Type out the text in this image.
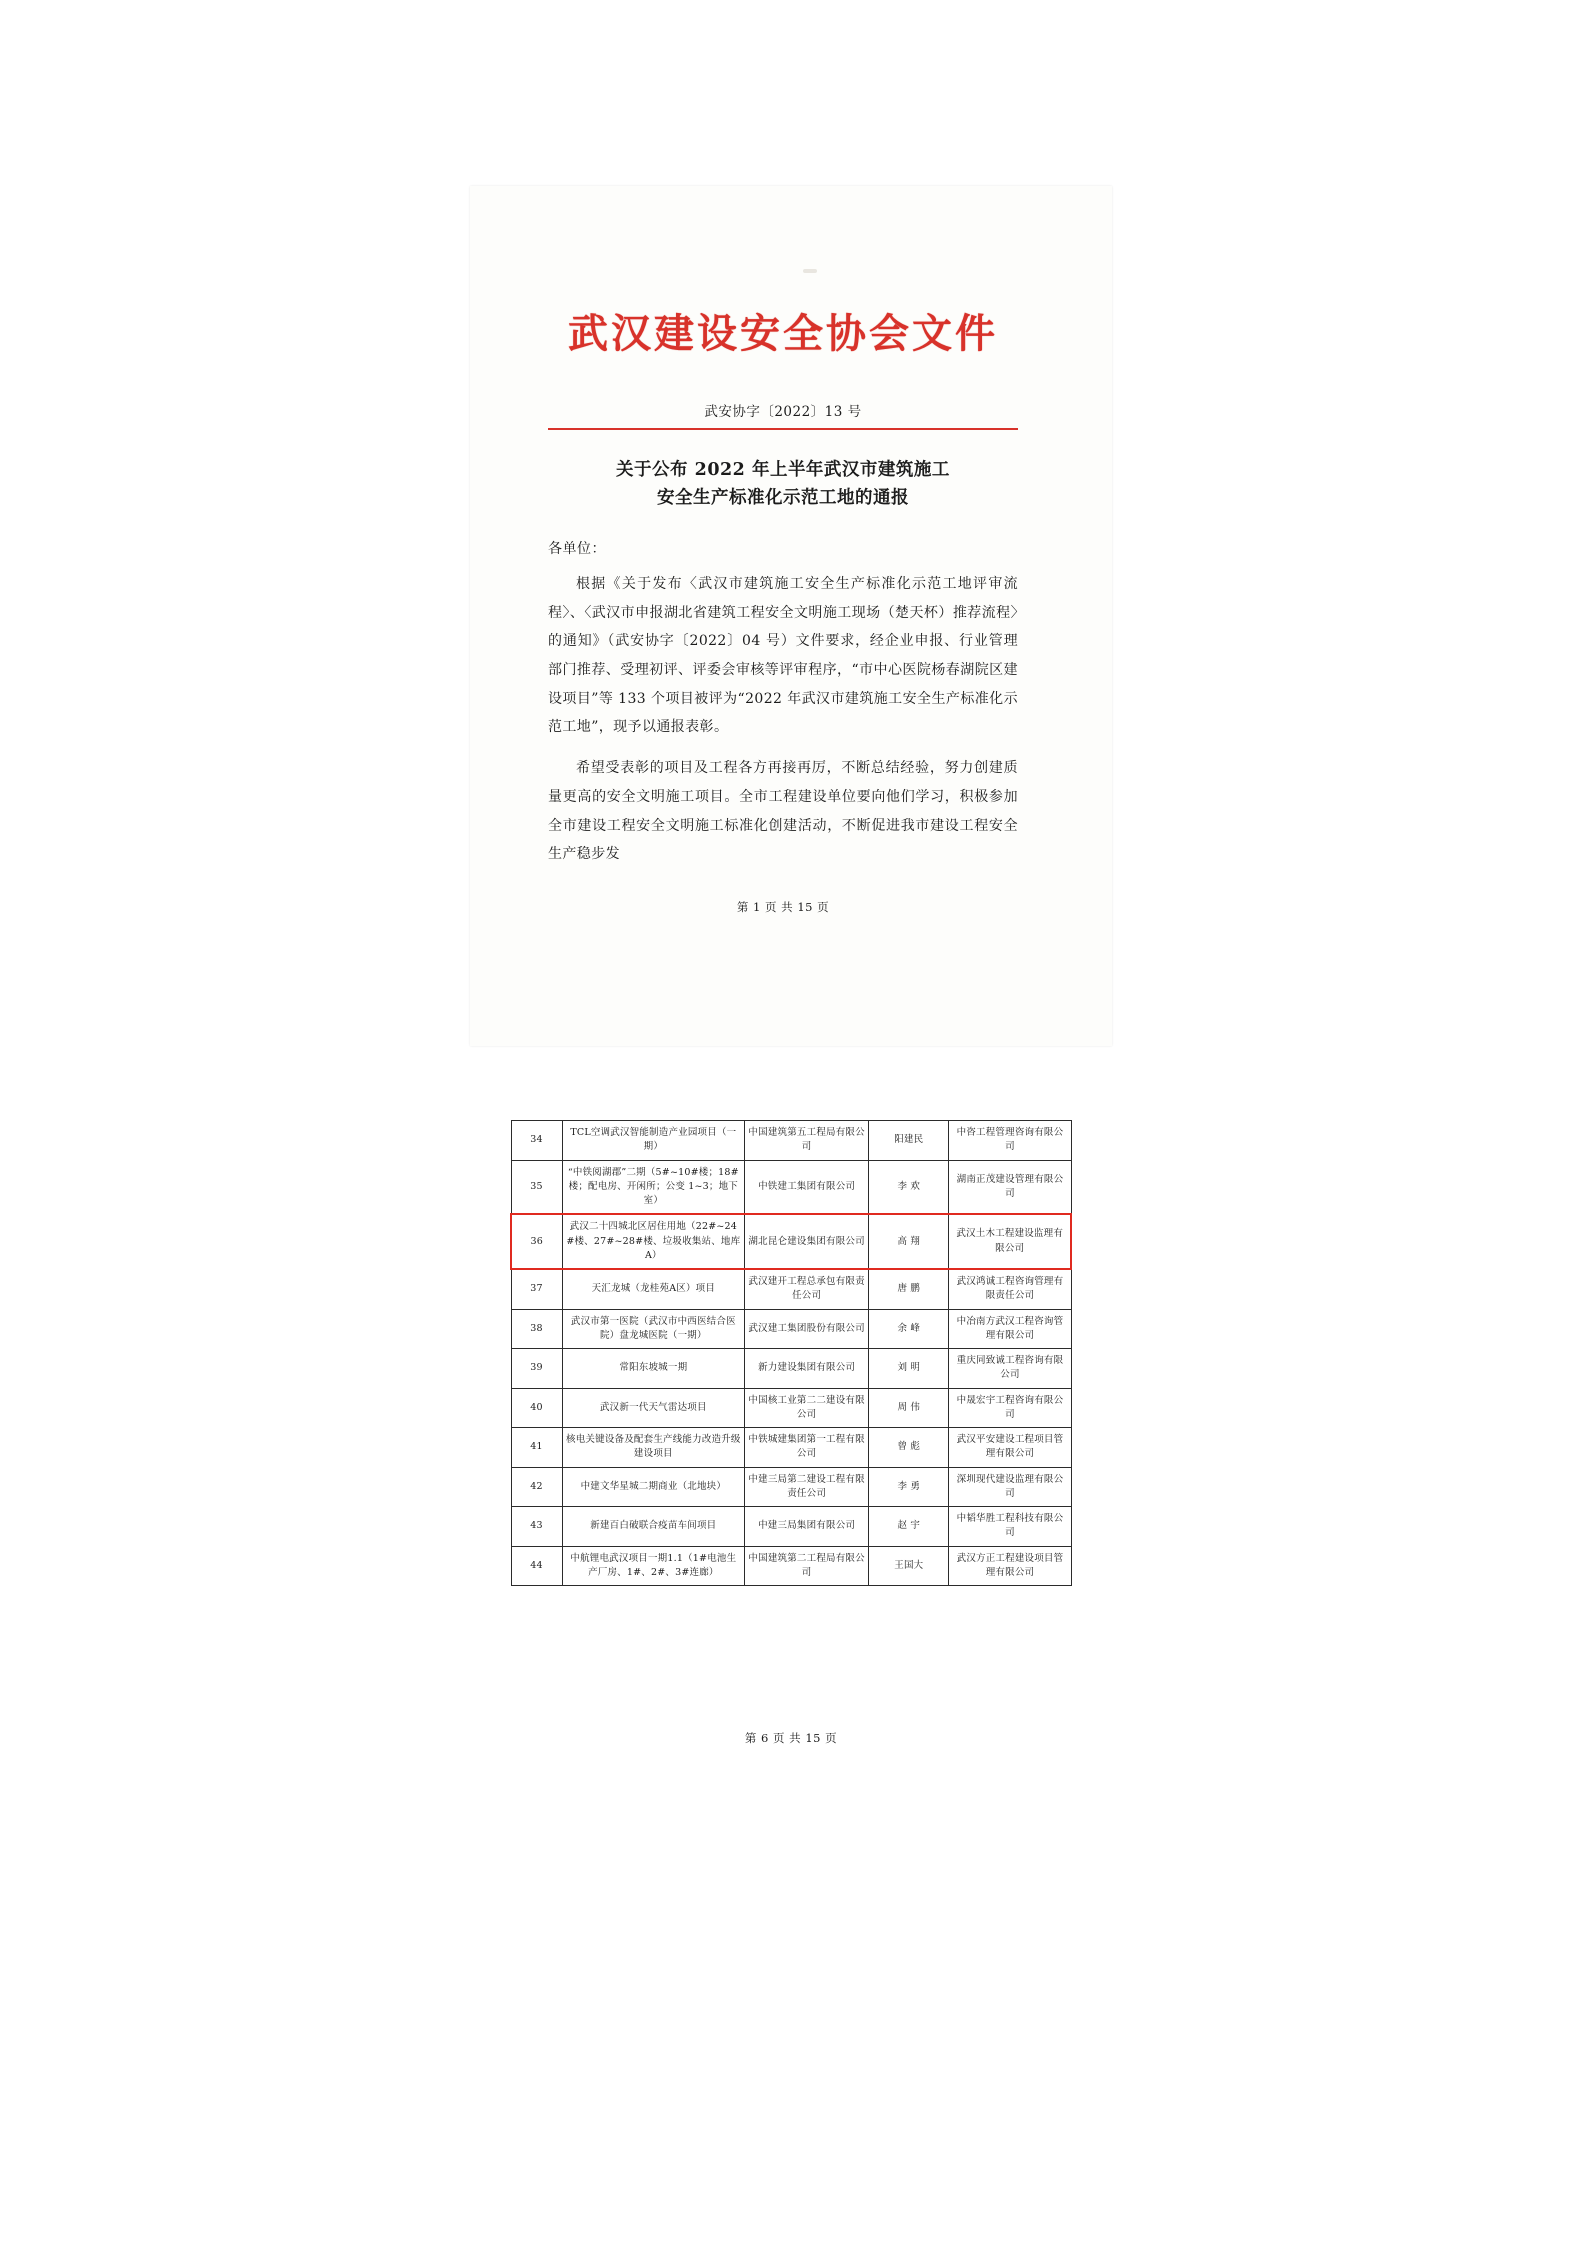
武汉建设安全协会文件
武安协字〔2022〕13 号
关于公布 2022 年上半年武汉市建筑施工
安全生产标准化示范工地的通报
各单位：
根据《关于发布〈武汉市建筑施工安全生产标准化示范工地评审流程〉、〈武汉市申报湖北省建筑工程安全文明施工现场（楚天杯）推荐流程〉的通知》（武安协字〔2022〕04 号）文件要求，经企业申报、行业管理部门推荐、受理初评、评委会审核等评审程序，“市中心医院杨春湖院区建设项目”等 133 个项目被评为“2022 年武汉市建筑施工安全生产标准化示范工地”，现予以通报表彰。
希望受表彰的项目及工程各方再接再厉，不断总结经验，努力创建质量更高的安全文明施工项目。全市工程建设单位要向他们学习，积极参加全市建设工程安全文明施工标准化创建活动，不断促进我市建设工程安全生产稳步发
第 1 页 共 15 页
34	TCL空调武汉智能制造产业园项目（一期）	中国建筑第五工程局有限公司	阳建民	中咨工程管理咨询有限公司
35	“中铁阅湖郡”二期（5#~10#楼；18#楼；配电房、开闲所；公变 1~3；地下室）	中铁建工集团有限公司	李 欢	湖南正茂建设管理有限公司
36	武汉二十四城北区居住用地（22#~24#楼、27#~28#楼、垃圾收集站、地库A）	湖北昆仑建设集团有限公司	高 翔	武汉土木工程建设监理有限公司
37	天汇龙城（龙桂苑A区）项目	武汉建开工程总承包有限责任公司	唐 鹏	武汉鸿诚工程咨询管理有限责任公司
38	武汉市第一医院（武汉市中西医结合医院）盘龙城医院（一期）	武汉建工集团股份有限公司	余 峰	中冶南方武汉工程咨询管理有限公司
39	常阳东坡城一期	新力建设集团有限公司	刘 明	重庆同致诚工程咨询有限公司
40	武汉新一代天气雷达项目	中国核工业第二二建设有限公司	周 伟	中晟宏宇工程咨询有限公司
41	核电关键设备及配套生产线能力改造升级建设项目	中铁城建集团第一工程有限公司	曾 彪	武汉平安建设工程项目管理有限公司
42	中建文华星城二期商业（北地块）	中建三局第二建设工程有限责任公司	李 勇	深圳现代建设监理有限公司
43	新建百白破联合疫苗车间项目	中建三局集团有限公司	赵 宇	中韬华胜工程科技有限公司
44	中航锂电武汉项目一期1.1（1#电池生产厂房、1#、2#、3#连廊）	中国建筑第二工程局有限公司	王国大	武汉方正工程建设项目管理有限公司
第 6 页 共 15 页
